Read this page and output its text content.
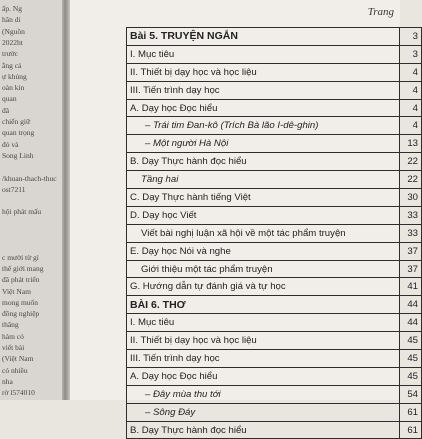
ấp. Ng
hân di
(Nguồn
2022ht
trước
ằng cá
ự khủng
oàn kin
quan
đã
chiến giữ
quan trọng
đỏ và
Song Linh
/khuan-thach-thuc
ost7211
hội phát mấu
c mười từ gì
thế giới mang
đã phát triển
Việt Nam
mong muốn
đồng nghiệp
thăng
hàm có
viết bài
(Việt Nam
có nhiều
nha
rờ l574010
Trang
Bài 5. TRUYỆN NGẮN	3
I. Mục tiêu	3
II. Thiết bị dạy học và học liệu	4
III. Tiến trình dạy học	4
A. Dạy học Đọc hiểu	4
– Trái tim Đan-kô (Trích Bà lão I-dê-ghin)	4
– Một người Hà Nội	13
B. Dạy Thực hành đọc hiểu	22
Tầng hai	22
C. Dạy Thực hành tiếng Việt	30
D. Dạy học Viết	33
Viết bài nghị luận xã hội về một tác phẩm truyện	33
E. Dạy học Nói và nghe	37
Giới thiệu một tác phẩm truyện	37
G. Hướng dẫn tự đánh giá và tự học	41
BÀI 6. THƠ	44
I. Mục tiêu	44
II. Thiết bị dạy học và học liệu	45
III. Tiến trình dạy học	45
A. Dạy học Đọc hiểu	45
– Đây mùa thu tới	54
– Sông Đáy	61
B. Dạy Thực hành đọc hiểu	61
